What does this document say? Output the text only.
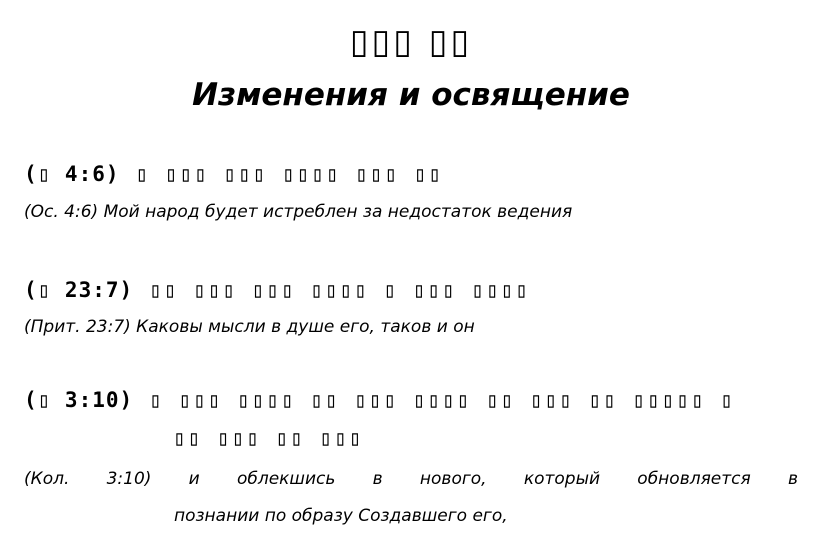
▯▯▯ ▯▯
Изменения и освящение
(▯ 4:6) ▯ ▯▯▯ ▯▯▯ ▯▯▯▯ ▯▯▯ ▯▯
(Ос. 4:6) Мой народ будет истреблен за недостаток ведения
(▯ 23:7) ▯▯ ▯▯▯ ▯▯▯ ▯▯▯▯ ▯ ▯▯▯ ▯▯▯▯
(Прит. 23:7) Каковы мысли в душе его, таков и он
(▯ 3:10) ▯ ▯▯▯ ▯▯▯▯ ▯▯ ▯▯▯ ▯▯▯▯ ▯▯ ▯▯▯ ▯▯ ▯▯▯▯▯ ▯
▯▯ ▯▯▯ ▯▯ ▯▯▯
(Кол. 3:10) и облекшись в нового, который обновляется в
познании по образу Создавшего его,
